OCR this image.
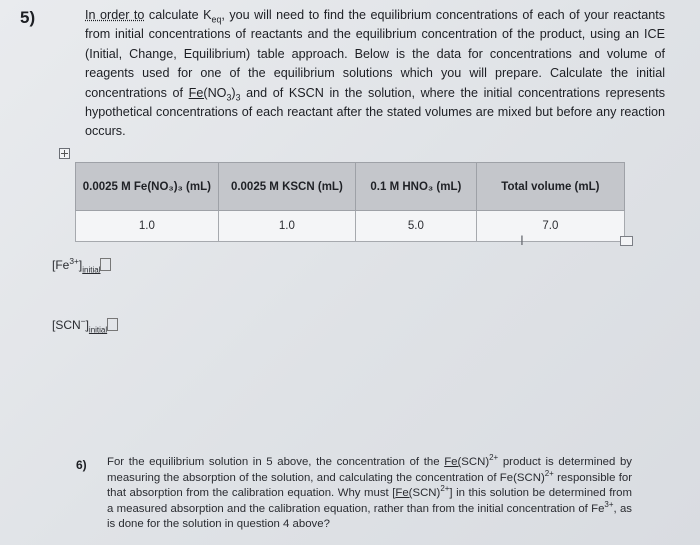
5)	In order to calculate $K_{eq}$, you will need to find the equilibrium concentrations of each of your reactants from initial concentrations of reactants and the equilibrium concentration of the product, using an ICE (Initial, Change, Equilibrium) table approach. Below is the data for concentrations and volume of reagents used for one of the equilibrium solutions which you will prepare. Calculate the initial concentrations of $Fe(NO_3)_3$ and of KSCN in the solution, where the initial concentrations represents hypothetical concentrations of each reactant after the stated volumes are mixed but before any reaction occurs.
0.0025 M Fe(NO₃)₃ (mL)	0.0025 M KSCN (mL)	0.1 M HNO₃ (mL)	Total volume (mL)
1.0	1.0	5.0	7.0
I
$[Fe^{3+}]_{initial}$
$[SCN^-]_{initial}$
6) For the equilibrium solution in 5 above, the concentration of the Fe(SCN)$^{2+}$ product is determined by measuring the absorption of the solution, and calculating the concentration of Fe(SCN)$^{2+}$ responsible for that absorption from the calibration equation. Why must [Fe(SCN)$^{2+}$] in this solution be determined from a measured absorption and the calibration equation, rather than from the initial concentration of $Fe^{3+}$, as is done for the solution in question 4 above?
